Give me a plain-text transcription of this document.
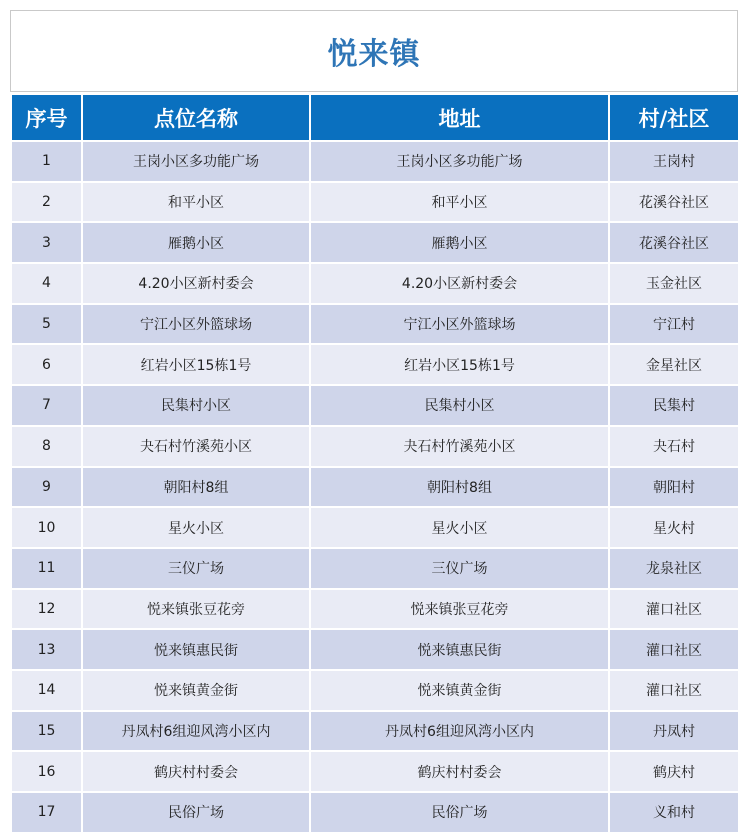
悦来镇
序号	点位名称	地址	村/社区
1	王岗小区多功能广场	王岗小区多功能广场	王岗村
2	和平小区	和平小区	花溪谷社区
3	雁鹅小区	雁鹅小区	花溪谷社区
4	4.20小区新村委会	4.20小区新村委会	玉金社区
5	宁江小区外篮球场	宁江小区外篮球场	宁江村
6	红岩小区15栋1号	红岩小区15栋1号	金星社区
7	民集村小区	民集村小区	民集村
8	夬石村竹溪苑小区	夬石村竹溪苑小区	夬石村
9	朝阳村8组	朝阳村8组	朝阳村
10	星火小区	星火小区	星火村
11	三仪广场	三仪广场	龙泉社区
12	悦来镇张豆花旁	悦来镇张豆花旁	灌口社区
13	悦来镇惠民街	悦来镇惠民街	灌口社区
14	悦来镇黄金街	悦来镇黄金街	灌口社区
15	丹凤村6组迎风湾小区内	丹凤村6组迎风湾小区内	丹凤村
16	鹤庆村村委会	鹤庆村村委会	鹤庆村
17	民俗广场	民俗广场	义和村
